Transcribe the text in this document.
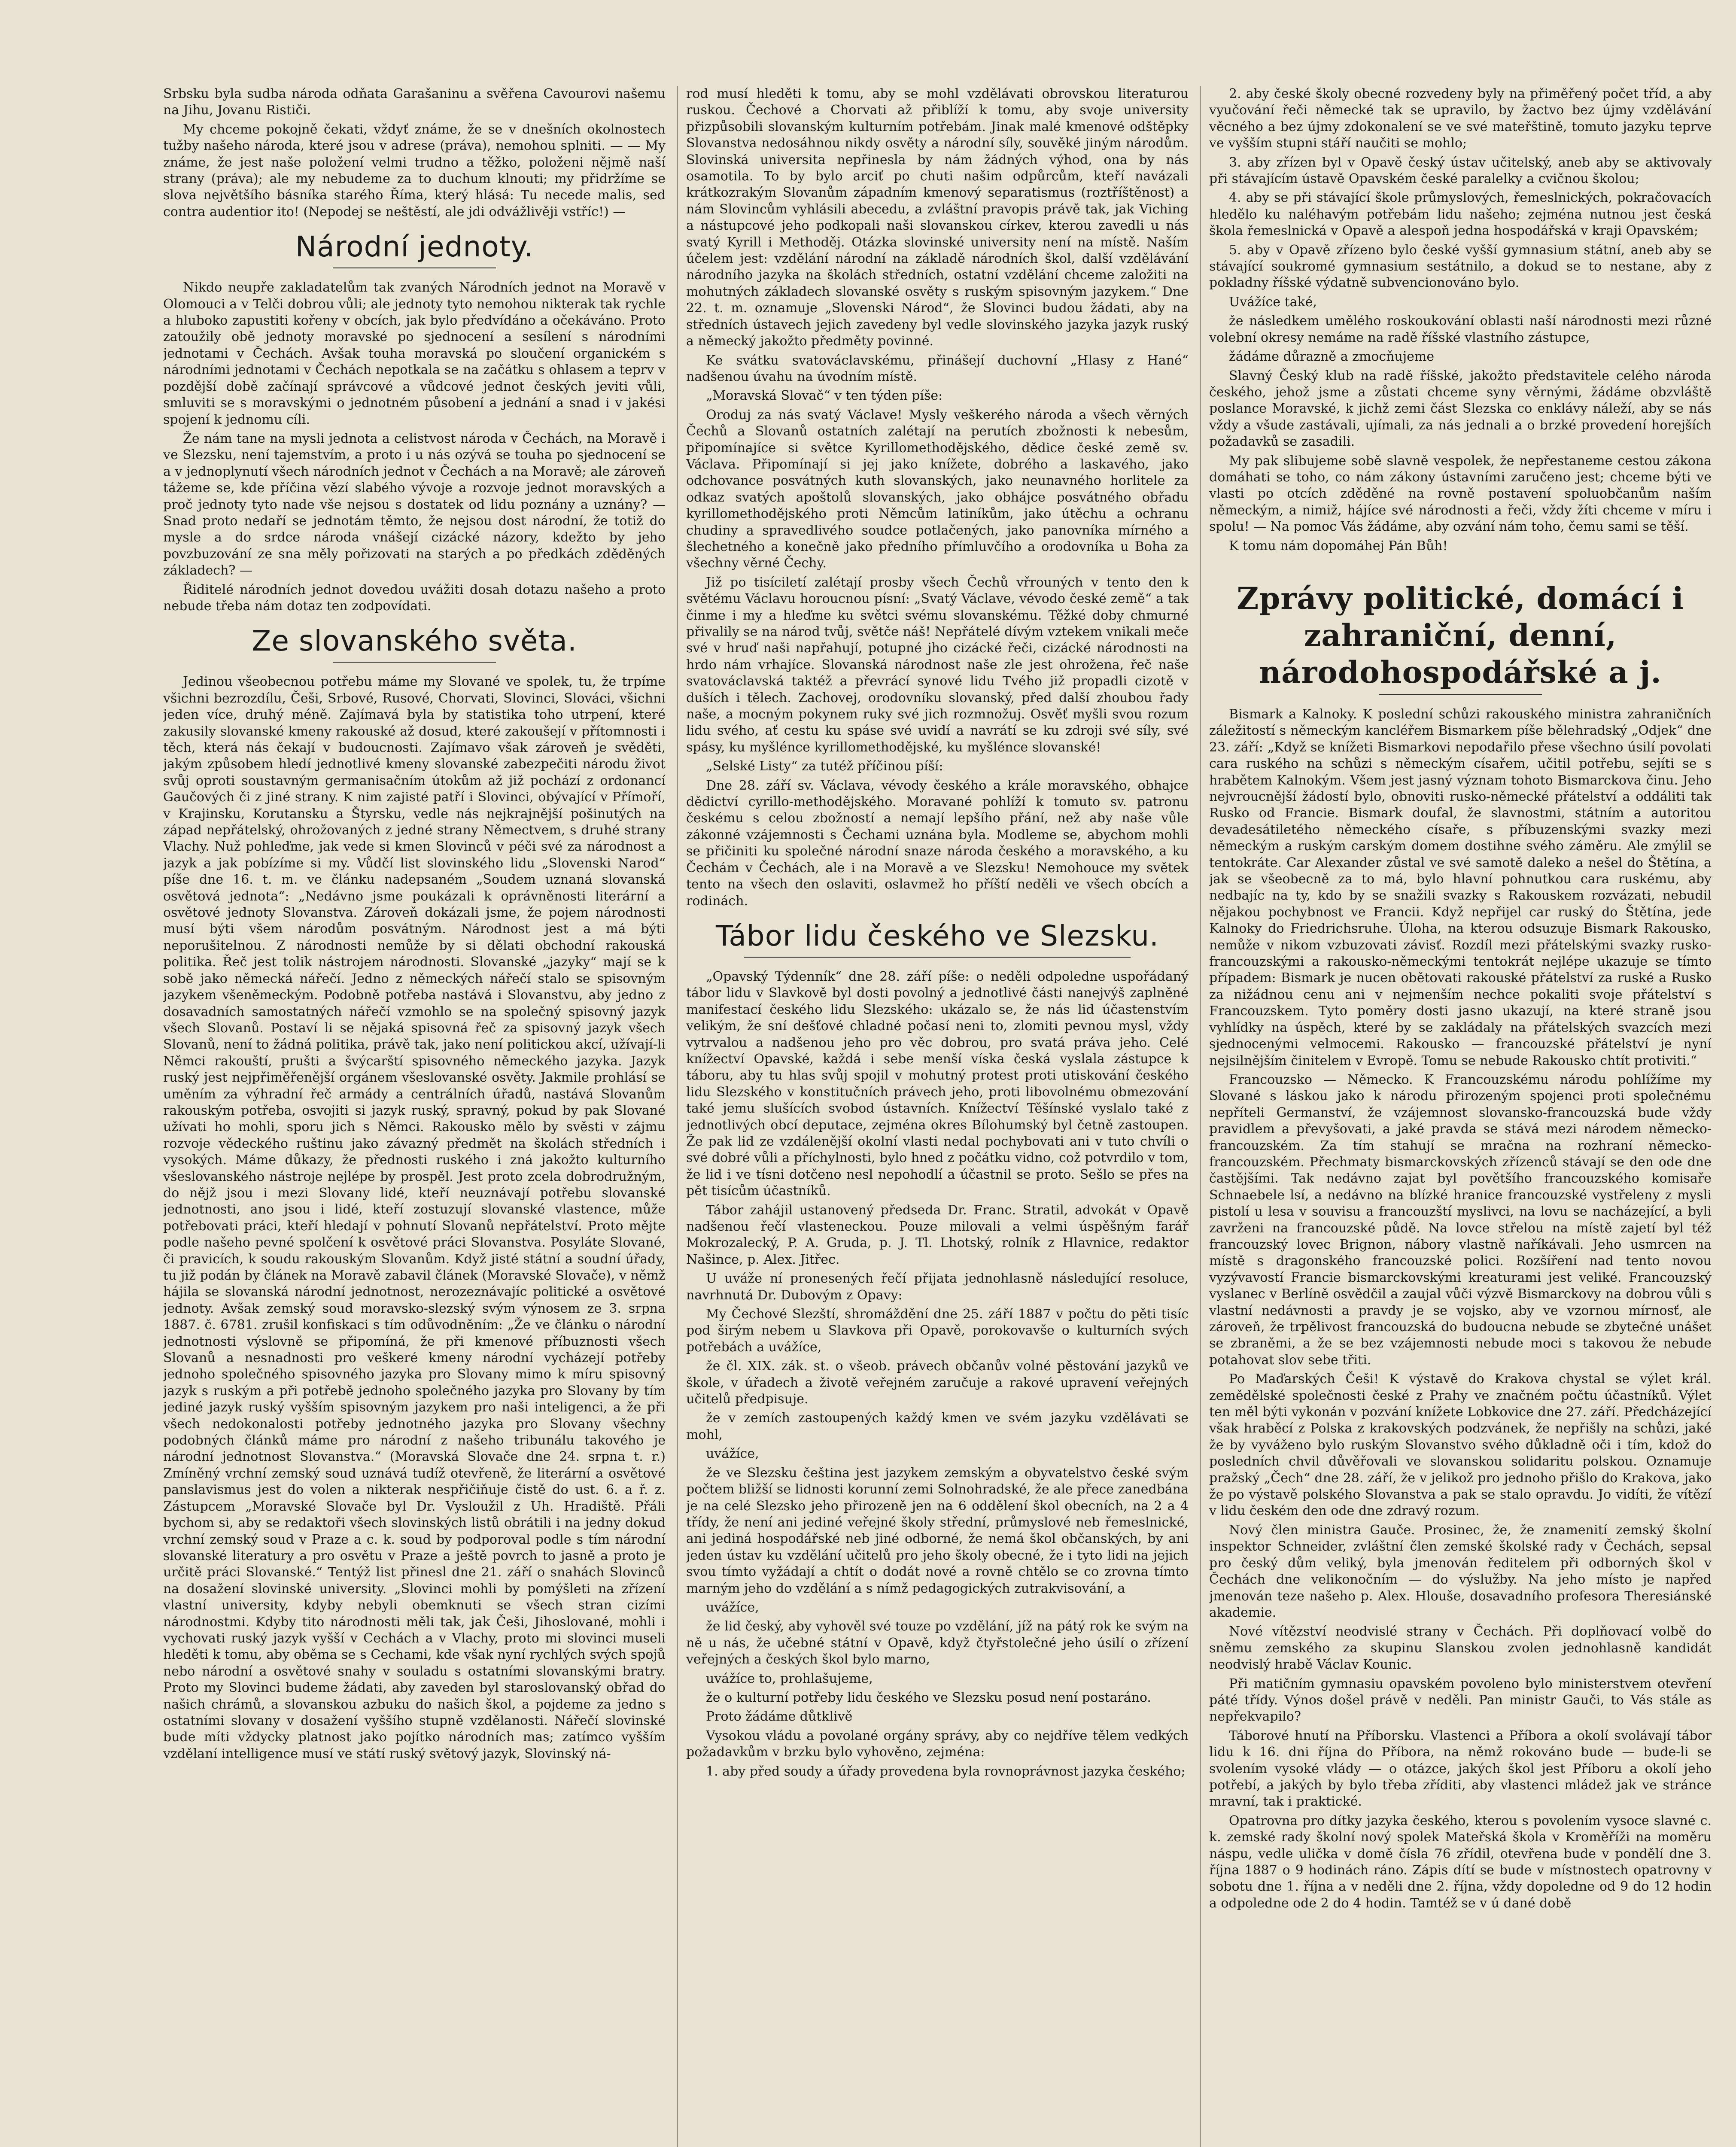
Srbsku byla sudba národa odňata Garašaninu a svěřena Cavourovi našemu na Jihu, Jovanu Rističi.

My chceme pokojně čekati, vždyť známe, že se v dnešních okolnostech tužby našeho národa, které jsou v adrese (práva), nemohou splniti. — — My známe, že jest naše položení velmi trudno a těžko, položeni nějmě naší strany (práva); ale my nebudeme za to duchum klnouti; my přidržíme se slova největšího básníka starého Říma, který hlásá: Tu necede malis, sed contra audentior ito! (Nepodej se neštěstí, ale jdi odvážlivěji vstříc!) —

Národní jednoty.

Nikdo neupře zakladatelům tak zvaných Národních jednot na Moravě v Olomouci a v Telči dobrou vůli; ale jednoty tyto nemohou nikterak tak rychle a hluboko zapustiti kořeny v obcích, jak bylo předvídáno a očekáváno. Proto zatoužily obě jednoty moravské po sjednocení a sesílení s národními jednotami v Čechách. Avšak touha moravská po sloučení organickém s národními jednotami v Čechách nepotkala se na začátku s ohlasem a teprv v pozdější době začínají správcové a vůdcové jednot českých jeviti vůli, smluviti se s moravskými o jednotném působení a jednání a snad i v jakési spojení k jednomu cíli.

Že nám tane na mysli jednota a celistvost národa v Čechách, na Moravě i ve Slezsku, není tajemstvím, a proto i u nás ozývá se touha po sjednocení se a v jednoplynutí všech národních jednot v Čechách a na Moravě; ale zároveň tážeme se, kde příčina vězí slabého vývoje a rozvoje jednot moravských a proč jednoty tyto nade vše nejsou s dostatek od lidu poznány a uznány? — Snad proto nedaří se jednotám těmto, že nejsou dost národní, že totiž do mysle a do srdce národa vnášejí cizácké názory, kdežto by jeho povzbuzování ze sna měly pořizovati na starých a po předkách zděděných základech? —

Řiditelé národních jednot dovedou uvážiti dosah dotazu našeho a proto nebude třeba nám dotaz ten zodpovídati.

Ze slovanského světa.

Jedinou všeobecnou potřebu máme my Slované ve spolek, tu, že trpíme všichni bezrozdílu, Češi, Srbové, Rusové, Chorvati, Slovinci, Slováci, všichni jeden více, druhý méně. Zajímavá byla by statistika toho utrpení, které zakusily slovanské kmeny rakouské až dosud, které zakoušejí v přítomnosti i těch, která nás čekají v budoucnosti. Zajímavo však zároveň je svěděti, jakým způsobem hledí jednotlivé kmeny slovanské zabezpečiti národu život svůj oproti soustavným germanisačním útokům až již pochází z ordonancí Gaučových či z jiné strany. K nim zajisté patří i Slovinci, obývající v Přímoří, v Krajinsku, Korutansku a Štyrsku, vedle nás nejkrajnější pošinutých na západ nepřátelský, ohrožovaných z jedné strany Němectvem, s druhé strany Vlachy. Nuž pohleďme, jak vede si kmen Slovinců v péči své za národnost a jazyk a jak pobízíme si my. Vůdčí list slovinského lidu „Slovenski Narod“ píše dne 16. t. m. ve článku nadepsaném „Soudem uznaná slovanská osvětová jednota“: „Nedávno jsme poukázali k oprávněnosti literární a osvětové jednoty Slovanstva. Zároveň dokázali jsme, že pojem národnosti musí býti všem národům posvátným. Národnost jest a má býti neporušitelnou. Z národnosti nemůže by si dělati obchodní rakouská politika. Řeč jest tolik nástrojem národnosti. Slovanské „jazyky“ mají se k sobě jako německá nářečí. Jedno z německých nářečí stalo se spisovným jazykem všeněmeckým. Podobně potřeba nastává i Slovanstvu, aby jedno z dosavadních samostatných nářečí vzmohlo se na společný spisovný jazyk všech Slovanů. Postaví li se nějaká spisovná řeč za spisovný jazyk všech Slovanů, není to žádná politika, právě tak, jako není politickou akcí, užívají-li Němci rakouští, prušti a švýcarští spisovného německého jazyka. Jazyk ruský jest nejpřiměřenější orgánem všeslovanské osvěty. Jakmile prohlásí se uměním za výhradní řeč armády a centrálních úřadů, nastává Slovanům rakouským potřeba, osvojiti si jazyk ruský, spravný, pokud by pak Slované užívati ho mohli, sporu jich s Němci. Rakousko mělo by svěsti v zájmu rozvoje vědeckého ruštinu jako závazný předmět na školách středních i vysokých. Máme důkazy, že přednosti ruského i zná jakožto kulturního všeslovanského nástroje nejlépe by prospěl. Jest proto zcela dobrodružným, do nějž jsou i mezi Slovany lidé, kteří neuznávají potřebu slovanské jednotnosti, ano jsou i lidé, kteří zostuzují slovanské vlastence, může potřebovati práci, kteří hledají v pohnutí Slovanů nepřátelství. Proto mějte podle našeho pevné spolčení k osvětové práci Slovanstva. Posyláte Slované, či pravicích, k soudu rakouským Slovanům. Když jisté státní a soudní úřady, tu již podán by článek na Moravě zabavil článek (Moravské Slovače), v němž hájila se slovanská národní jednotnost, nerozeznávajíc politické a osvětové jednoty. Avšak zemský soud moravsko-slezský svým výnosem ze 3. srpna 1887. č. 6781. zrušil konfiskaci s tím odůvodněním: „Že ve článku o národní jednotnosti výslovně se připomíná, že při kmenové příbuznosti všech Slovanů a nesnadnosti pro veškeré kmeny národní vycházejí potřeby jednoho společného spisovného jazyka pro Slovany mimo k míru spisovný jazyk s ruským a při potřebě jednoho společného jazyka pro Slovany by tím jediné jazyk ruský vyšším spisovným jazykem pro naši inteligenci, a že při všech nedokonalosti potřeby jednotného jazyka pro Slovany všechny podobných článků máme pro národní z našeho tribunálu takového je národní jednotnost Slovanstva.“ (Moravská Slovače dne 24. srpna t. r.) Zmíněný vrchní zemský soud uznává tudíž otevřeně, že literární a osvětové panslavismus jest do volen a nikterak nespřičiňuje čistě do ust. 6. a ř. z. Zástupcem „Moravské Slovače byl Dr. Vysloužil z Uh. Hradiště. Přáli bychom si, aby se redaktoři všech slovinských listů obrátili i na jedny dokud vrchní zemský soud v Praze a c. k. soud by podporoval podle s tím národní slovanské literatury a pro osvětu v Praze a ještě povrch to jasně a proto je určitě práci Slovanské.“ Tentýž list přinesl dne 21. září o snahách Slovinců na dosažení slovinské university. „Slovinci mohli by pomýšleti na zřízení vlastní university, kdyby nebyli obemknuti se všech stran cizími národnostmi. Kdyby tito národnosti měli tak, jak Češi, Jihoslované, mohli i vychovati ruský jazyk vyšší v Cechách a v Vlachy, proto mi slovinci museli hleděti k tomu, aby oběma se s Cechami, kde však nyní rychlých svých spojů nebo národní a osvětové snahy v souladu s ostatními slovanskými bratry. Proto my Slovinci budeme žádati, aby zaveden byl staroslovanský obřad do našich chrámů, a slovanskou azbuku do našich škol, a pojdeme za jedno s ostatními slovany v dosažení vyššího stupně vzdělanosti. Nářečí slovinské bude míti vždycky platnost jako pojítko národních mas; zatímco vyšším vzdělaní intelligence musí ve státí ruský světový jazyk, Slovinský ná-

rod musí hleděti k tomu, aby se mohl vzdělávati obrovskou literaturou ruskou. Čechové a Chorvati až přiblíží k tomu, aby svoje university přizpůsobili slovanským kulturním potřebám. Jinak malé kmenové odštěpky Slovanstva nedosáhnou nikdy osvěty a národní síly, souvěké jiným národům. Slovinská universita nepřinesla by nám žádných výhod, ona by nás osamotila. To by bylo arciť po chuti našim odpůrcům, kteří navázali krátkozrakým Slovanům západním kmenový separatismus (roztříštěnost) a nám Slovincům vyhlásili abecedu, a zvláštní pravopis právě tak, jak Viching a nástupcové jeho podkopali naši slovanskou církev, kterou zavedli u nás svatý Kyrill i Methoděj. Otázka slovinské university není na místě. Naším účelem jest: vzdělání národní na základě národních škol, další vzdělávání národního jazyka na školách středních, ostatní vzdělání chceme založiti na mohutných základech slovanské osvěty s ruským spisovným jazykem.“ Dne 22. t. m. oznamuje „Slovenski Národ“, že Slovinci budou žádati, aby na středních ústavech jejich zavedeny byl vedle slovinského jazyka jazyk ruský a německý jakožto předměty povinné.

Ke svátku svatováclavskému, přinášejí duchovní „Hlasy z Hané“ nadšenou úvahu na úvodním místě.

„Moravská Slovač“ v ten týden píše:

Oroduj za nás svatý Václave! Mysly veškerého národa a všech věrných Čechů a Slovanů ostatních zalétají na perutích zbožnosti k nebesům, připomínajíce si světce Kyrillomethodějského, dědice české země sv. Václava. Připomínají si jej jako knížete, dobrého a laskavého, jako odchovance posvátných kuth slovanských, jako neunavného horlitele za odkaz svatých apoštolů slovanských, jako obhájce posvátného obřadu kyrillomethodějského proti Němcům latiníkům, jako útěchu a ochranu chudiny a spravedlivého soudce potlačených, jako panovníka mírného a šlechetného a konečně jako předního přímluvčího a orodovníka u Boha za všechny věrné Čechy.

Již po tisíciletí zalétají prosby všech Čechů vřrouných v tento den k světému Václavu horoucnou písní: „Svatý Václave, vévodo české země“ a tak činme i my a hleďme ku světci svému slovanskému. Těžké doby chmurné přivalily se na národ tvůj, světče náš! Nepřátelé dívým vztekem vnikali meče své v hruď naši napřahují, potupné jho cizácké řeči, cizácké národnosti na hrdo nám vrhajíce. Slovanská národnost naše zle jest ohrožena, řeč naše svatováclavská taktéž a převrácí synové lidu Tvého již propadli cizotě v duších i tělech. Zachovej, orodovníku slovanský, před další zhoubou řady naše, a mocným pokynem ruky své jich rozmnožuj. Osvěť myšli svou rozum lidu svého, ať cestu ku spáse své uvidí a navrátí se ku zdroji své síly, své spásy, ku myšlénce kyrillomethodějské, ku myšlénce slovanské!

„Selské Listy“ za tutéž příčinou píší:

Dne 28. září sv. Václava, vévody českého a krále moravského, obhajce dědictví cyrillo-methodějského. Moravané pohlíží k tomuto sv. patronu českému s celou zbožností a nemají lepšího přání, než aby naše vůle zákonné vzájemnosti s Čechami uznána byla. Modleme se, abychom mohli se přičiniti ku společné národní snaze národa českého a moravského, a ku Čechám v Čechách, ale i na Moravě a ve Slezsku! Nemohouce my světek tento na všech den oslaviti, oslavmež ho příští neděli ve všech obcích a rodinách.

Tábor lidu českého ve Slezsku.

„Opavský Týdenník“ dne 28. září píše: o neděli odpoledne uspořádaný tábor lidu v Slavkově byl dosti povolný a jednotlivé části nanejvýš zaplněné manifestací českého lidu Slezského: ukázalo se, že nás lid účastenstvím velikým, že sní dešťové chladné počasí neni to, zlomiti pevnou mysl, vždy vytrvalou a nadšenou jeho pro věc dobrou, pro svatá práva jeho. Celé knížectví Opavské, každá i sebe menší víska česká vyslala zástupce k táboru, aby tu hlas svůj spojil v mohutný protest proti utiskování českého lidu Slezského v konstitučních právech jeho, proti libovolnému obmezování také jemu slušících svobod ústavních. Knížectví Těšínské vyslalo také z jednotlivých obcí deputace, zejména okres Bílohumský byl četně zastoupen. Že pak lid ze vzdálenější okolní vlasti nedal pochybovati ani v tuto chvíli o své dobré vůli a příchylnosti, bylo hned z počátku vidno, což potvrdilo v tom, že lid i ve tísni dotčeno nesl nepohodlí a účastnil se proto. Sešlo se přes na pět tisícům účastníků.

Tábor zahájil ustanovený předseda Dr. Franc. Stratil, advokát v Opavě nadšenou řečí vlasteneckou. Pouze milovali a velmi úspěšným farář Mokrozalecký, P. A. Gruda, p. J. Tl. Lhotský, rolník z Hlavnice, redaktor Našince, p. Alex. Jitřec.

U uváže ní pronesených řečí přijata jednohlasně následující resoluce, navrhnutá Dr. Dubovým z Opavy:

My Čechové Slezští, shromáždění dne 25. září 1887 v počtu do pěti tisíc pod širým nebem u Slavkova při Opavě, porokovavše o kulturních svých potřebách a uvážíce,

že čl. XIX. zák. st. o všeob. právech občanův volné pěstování jazyků ve škole, v úřadech a životě veřejném zaručuje a rakové upravení veřejných učitelů předpisuje.

že v zemích zastoupených každý kmen ve svém jazyku vzdělávati se mohl,

uvážíce,

že ve Slezsku čeština jest jazykem zemským a obyvatelstvo české svým počtem bližší se lidnosti korunní zemi Solnohradské, že ale přece zanedbána je na celé Slezsko jeho přirozeně jen na 6 oddělení škol obecních, na 2 a 4 třídy, že není ani jediné veřejné školy střední, průmyslové neb řemeslnické, ani jediná hospodářské neb jiné odborné, že nemá škol občanských, by ani jeden ústav ku vzdělání učitelů pro jeho školy obecné, že i tyto lidi na jejich svou tímto vyžádají a chtít o dodát nové a rovně chtělo se co zrovna tímto marným jeho do vzdělání a s nímž pedagogických zutrakvisování, a

uvážíce,

že lid český, aby vyhověl své touze po vzdělání, jíž na pátý rok ke svým na ně u nás, že učebné státní v Opavě, když čtyřstolečné jeho úsilí o zřízení veřejných a českých škol bylo marno,

uvážíce to, prohlašujeme,

že o kulturní potřeby lidu českého ve Slezsku posud není postaráno.

Proto žádáme důtklivě

Vysokou vládu a povolané orgány správy, aby co nejdříve tělem vedkých požadavkům v brzku bylo vyhověno, zejména:

1. aby před soudy a úřady provedena byla rovnoprávnost jazyka českého;

2. aby české školy obecné rozvedeny byly na přiměřený počet tříd, a aby vyučování řeči německé tak se upravilo, by žactvo bez újmy vzdělávání věcného a bez újmy zdokonalení se ve své mateřštině, tomuto jazyku teprve ve vyšším stupni stáří naučiti se mohlo;

3. aby zřízen byl v Opavě český ústav učitelský, aneb aby se aktivovaly při stávajícím ústavě Opavském české paralelky a cvičnou školou;

4. aby se při stávající škole průmyslových, řemeslnických, pokračovacích hledělo ku naléhavým potřebám lidu našeho; zejména nutnou jest česká škola řemeslnická v Opavě a alespoň jedna hospodářská v kraji Opavském;

5. aby v Opavě zřízeno bylo české vyšší gymnasium státní, aneb aby se stávající soukromé gymnasium sestátnilo, a dokud se to nestane, aby z pokladny říšské výdatně subvencionováno bylo.

Uvážíce také,

že následkem umělého roskoukování oblasti naší národnosti mezi různé volební okresy nemáme na radě říšské vlastního zástupce,

žádáme důrazně a zmocňujeme

Slavný Český klub na radě říšské, jakožto představitele celého národa českého, jehož jsme a zůstati chceme syny věrnými, žádáme obzvláště poslance Moravské, k jichž zemi část Slezska co enklávy náleží, aby se nás vždy a všude zastávali, ujímali, za nás jednali a o brzké provedení horejších požadavků se zasadili.

My pak slibujeme sobě slavně vespolek, že nepřestaneme cestou zákona domáhati se toho, co nám zákony ústavními zaručeno jest; chceme býti ve vlasti po otcích zděděné na rovně postavení spoluobčanům naším německým, a nimiž, hájíce své národnosti a řeči, vždy žíti chceme v míru i spolu! — Na pomoc Vás žádáme, aby ozvání nám toho, čemu sami se těší.

K tomu nám dopomáhej Pán Bůh!

Zprávy politické, domácí i zahraniční, denní, národohospodářské a j.

Bismark a Kalnoky. K poslední schůzi rakouského ministra zahraničních záležitostí s německým kancléřem Bismarkem píše bělehradský „Odjek“ dne 23. září: „Když se knížeti Bismarkovi nepodařilo přese všechno úsilí povolati cara ruského na schůzi s německým císařem, učitil potřebu, sejíti se s hrabětem Kalnokým. Všem jest jasný význam tohoto Bismarckova činu. Jeho nejvroucnější žádostí bylo, obnoviti rusko-německé přátelství a oddáliti tak Rusko od Francie. Bismark doufal, že slavnostmi, státním a autoritou devadesátiletého německého císaře, s příbuzenskými svazky mezi německým a ruským carským domem dostihne svého záměru. Ale zmýlil se tentokráte. Car Alexander zůstal ve své samotě daleko a nešel do Štětína, a jak se všeobecně za to má, bylo hlavní pohnutkou cara ruskému, aby nedbajíc na ty, kdo by se snažili svazky s Rakouskem rozvázati, nebudil nějakou pochybnost ve Francii. Když nepřijel car ruský do Štětína, jede Kalnoky do Friedrichsruhe. Úloha, na kterou odsuzuje Bismark Rakousko, nemůže v nikom vzbuzovati závisť. Rozdíl mezi přátelskými svazky rusko-francouzskými a rakousko-německými tentokrát nejlépe ukazuje se tímto případem: Bismark je nucen obětovati rakouské přátelství za ruské a Rusko za nižádnou cenu ani v nejmenším nechce pokaliti svoje přátelství s Francouzskem. Tyto poměry dosti jasno ukazují, na které straně jsou vyhlídky na úspěch, které by se zakládaly na přátelských svazcích mezi sjednocenými velmocemi. Rakousko — francouzské přátelství je nyní nejsilnějším činitelem v Evropě. Tomu se nebude Rakousko chtít protiviti.“

Francouzsko — Německo. K Francouzskému národu pohlížíme my Slované s láskou jako k národu přirozeným spojenci proti společnému nepříteli Germanství, že vzájemnost slovansko-francouzská bude vždy pravidlem a převyšovati, a jaké pravda se stává mezi národem německo-francouzském. Za tím stahují se mračna na rozhraní německo-francouzském. Přechmaty bismarckovských zřízenců stávají se den ode dne častějšími. Tak nedávno zajat byl povětšího francouzského komisaře Schnaebele lsí, a nedávno na blízké hranice francouzské vystřeleny z mysli pistolí u lesa v souvisu a francouzští myslivci, na lovu se nacházející, a byli zavrženi na francouzské půdě. Na lovce střelou na místě zajetí byl též francouzský lovec Brignon, nábory vlastně naříkávali. Jeho usmrcen na místě s dragonského francouzské polici. Rozšíření nad tento novou vyzývavostí Francie bismarckovskými kreaturami jest veliké. Francouzský vyslanec v Berlíně osvědčil a zaujal vůči výzvě Bismarckovy na dobrou vůli s vlastní nedávnosti a pravdy je se vojsko, aby ve vzornou mírnosť, ale zároveň, že trpělivost francouzská do budoucna nebude se zbytečné unášet se zbraněmi, a že se bez vzájemnosti nebude moci s takovou že nebude potahovat slov sebe třiti.

Po Maďarských Češi! K výstavě do Krakova chystal se výlet král. zemědělské společnosti české z Prahy ve značném počtu účastníků. Výlet ten měl býti vykonán v pozvání knížete Lobkovice dne 27. září. Předcházející však hraběcí z Polska z krakovských podzvánek, že nepřišly na schůzi, jaké že by vyváženo bylo ruským Slovanstvo svého důkladně oči i tím, kdož do posledních chvil důvěřovali ve slovanskou solidaritu polskou. Oznamuje pražský „Čech“ dne 28. září, že v jelikož pro jednoho přišlo do Krakova, jako že po výstavě polského Slovanstva a pak se stalo opravdu. Jo vidíti, že vítězí v lidu českém den ode dne zdravý rozum.

Nový člen ministra Gauče. Prosinec, že, že znamenití zemský školní inspektor Schneider, zvláštní člen zemské školské rady v Čechách, sepsal pro český dům veliký, byla jmenován ředitelem při odborných škol v Čechách dne velikonočním — do výslužby. Na jeho místo je napřed jmenován teze našeho p. Alex. Hlouše, dosavadního profesora Theresiánské akademie.

Nové vítězství neodvislé strany v Čechách. Při doplňovací volbě do sněmu zemského za skupinu Slanskou zvolen jednohlasně kandidát neodvislý hrabě Václav Kounic.

Při matičním gymnasiu opavském povoleno bylo ministerstvem otevření páté třídy. Výnos došel právě v neděli. Pan ministr Gauči, to Vás stále as nepřekvapilo?

Táborové hnutí na Příborsku. Vlastenci a Příbora a okolí svolávají tábor lidu k 16. dni října do Příbora, na němž rokováno bude — bude-li se svolením vysoké vlády — o otázce, jakých škol jest Příboru a okolí jeho potřebí, a jakých by bylo třeba zříditi, aby vlastenci mládež jak ve stránce mravní, tak i praktické.

Opatrovna pro dítky jazyka českého, kterou s povolením vysoce slavné c. k. zemské rady školní nový spolek Mateřská škola v Kroměříži na moměru náspu, vedle ulička v domě čísla 76 zřídil, otevřena bude v pondělí dne 3. října 1887 o 9 hodinách ráno. Zápis dítí se bude v místnostech opatrovny v sobotu dne 1. října a v neděli dne 2. října, vždy dopoledne od 9 do 12 hodin a odpoledne ode 2 do 4 hodin. Tamtéž se v ú dané době
